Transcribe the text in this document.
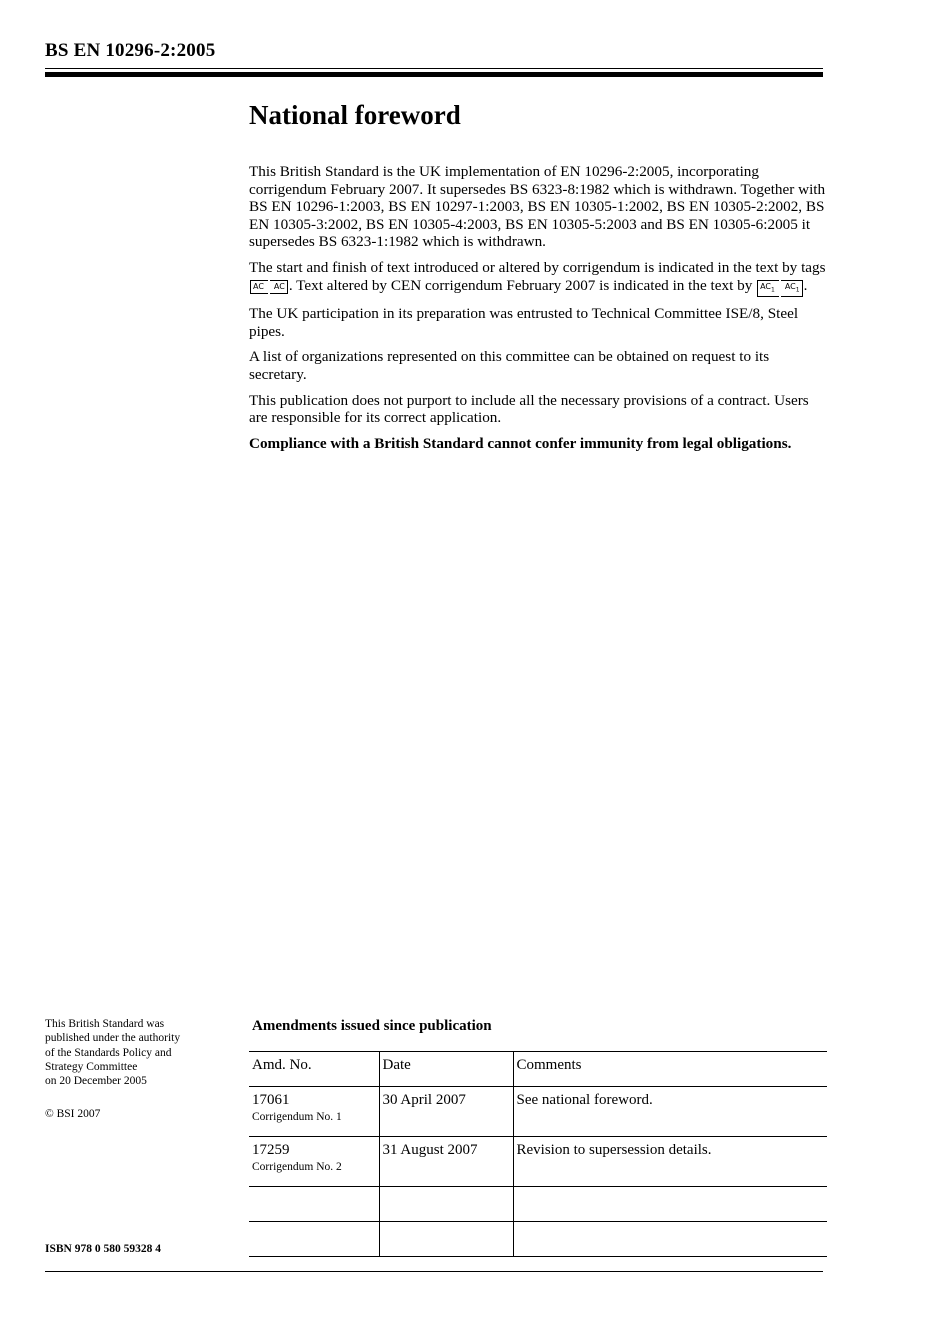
BS EN 10296-2:2005
National foreword

This British Standard is the UK implementation of EN 10296-2:2005, incorporating corrigendum February 2007. It supersedes BS 6323-8:1982 which is withdrawn. Together with BS EN 10296-1:2003, BS EN 10297-1:2003, BS EN 10305-1:2002, BS EN 10305-2:2002, BS EN 10305-3:2002, BS EN 10305-4:2003, BS EN 10305-5:2003 and BS EN 10305-6:2005 it supersedes BS 6323-1:1982 which is withdrawn.

The start and finish of text introduced or altered by corrigendum is indicated in the text by tags AC AC . Text altered by CEN corrigendum February 2007 is indicated in the text by $AC_1$ $AC_1$ .

The UK participation in its preparation was entrusted to Technical Committee ISE/8, Steel pipes.

A list of organizations represented on this committee can be obtained on request to its secretary.

This publication does not purport to include all the necessary provisions of a contract. Users are responsible for its correct application.

Compliance with a British Standard cannot confer immunity from legal obligations.

This British Standard was
published under the authority
of the Standards Policy and
Strategy Committee
on 20 December 2005
© BSI 2007
ISBN 978 0 580 59328 4
Amendments issued since publication
Amd. No.	Date	Comments
17061
Corrigendum No. 1	30 April 2007	See national foreword.
17259
Corrigendum No. 2	31 August 2007	Revision to supersession details.
